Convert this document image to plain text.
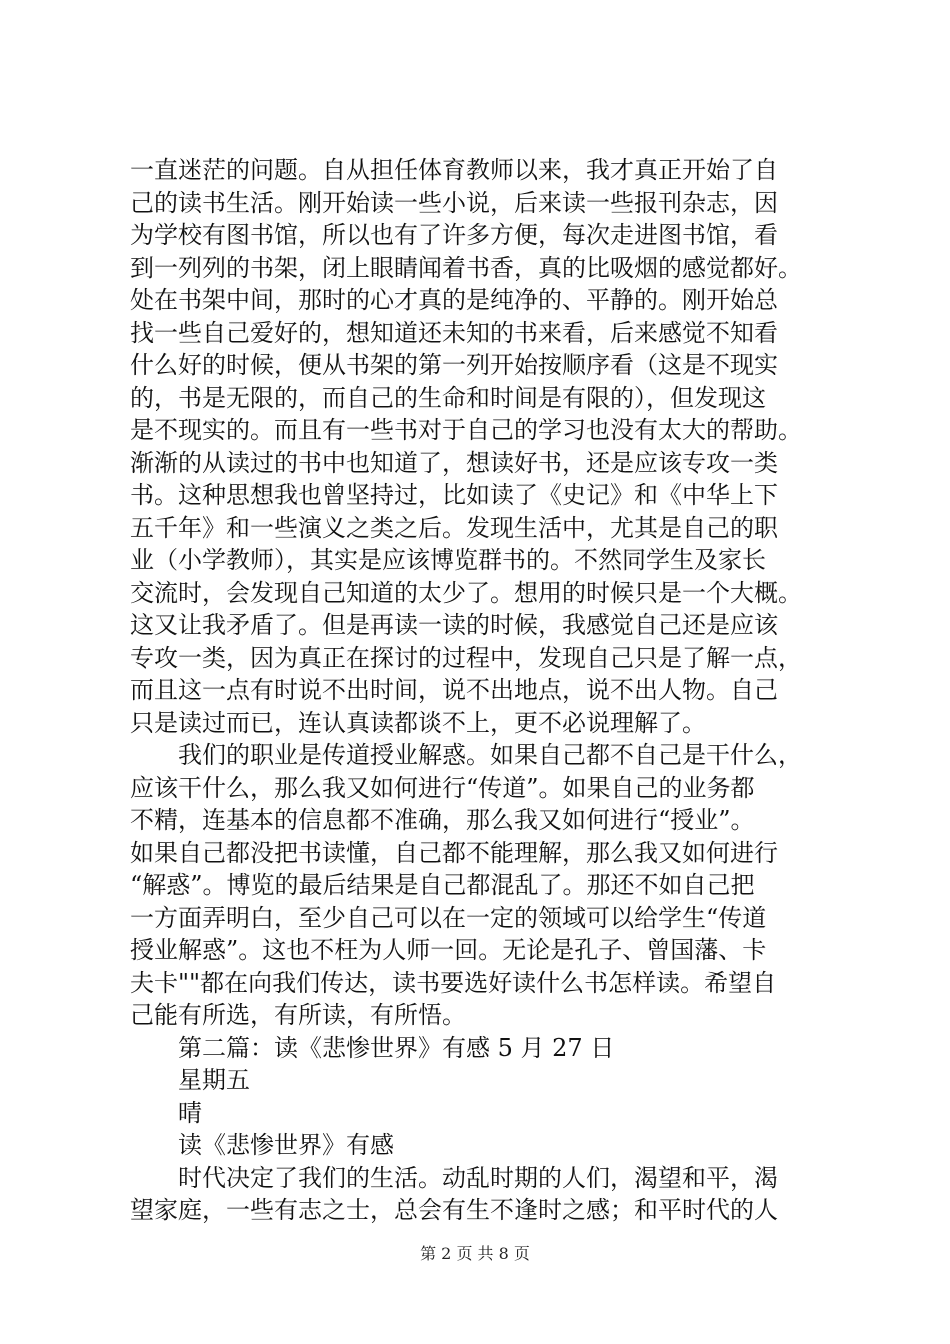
一直迷茫的问题。自从担任体育教师以来，我才真正开始了自
己的读书生活。刚开始读一些小说，后来读一些报刊杂志，因
为学校有图书馆，所以也有了许多方便，每次走进图书馆，看
到一列列的书架，闭上眼睛闻着书香，真的比吸烟的感觉都好。
处在书架中间，那时的心才真的是纯净的、平静的。刚开始总
找一些自己爱好的，想知道还未知的书来看，后来感觉不知看
什么好的时候，便从书架的第一列开始按顺序看（这是不现实
的，书是无限的，而自己的生命和时间是有限的），但发现这
是不现实的。而且有一些书对于自己的学习也没有太大的帮助。
渐渐的从读过的书中也知道了，想读好书，还是应该专攻一类
书。这种思想我也曾坚持过，比如读了《史记》和《中华上下
五千年》和一些演义之类之后。发现生活中，尤其是自己的职
业（小学教师），其实是应该博览群书的。不然同学生及家长
交流时，会发现自己知道的太少了。想用的时候只是一个大概。
这又让我矛盾了。但是再读一读的时候，我感觉自己还是应该
专攻一类，因为真正在探讨的过程中，发现自己只是了解一点，
而且这一点有时说不出时间，说不出地点，说不出人物。自己
只是读过而已，连认真读都谈不上，更不必说理解了。
我们的职业是传道授业解惑。如果自己都不自己是干什么，
应该干什么，那么我又如何进行“传道”。如果自己的业务都
不精，连基本的信息都不准确，那么我又如何进行“授业”。
如果自己都没把书读懂，自己都不能理解，那么我又如何进行
“解惑”。博览的最后结果是自己都混乱了。那还不如自己把
一方面弄明白，至少自己可以在一定的领域可以给学生“传道
授业解惑”。这也不枉为人师一回。无论是孔子、曾国藩、卡
夫卡""都在向我们传达，读书要选好读什么书怎样读。希望自
己能有所选，有所读，有所悟。
第二篇：读《悲惨世界》有感 5 月 27 日
星期五
晴
读《悲惨世界》有感
时代决定了我们的生活。动乱时期的人们，渴望和平，渴
望家庭，一些有志之士，总会有生不逢时之感；和平时代的人
第 2 页 共 8 页
